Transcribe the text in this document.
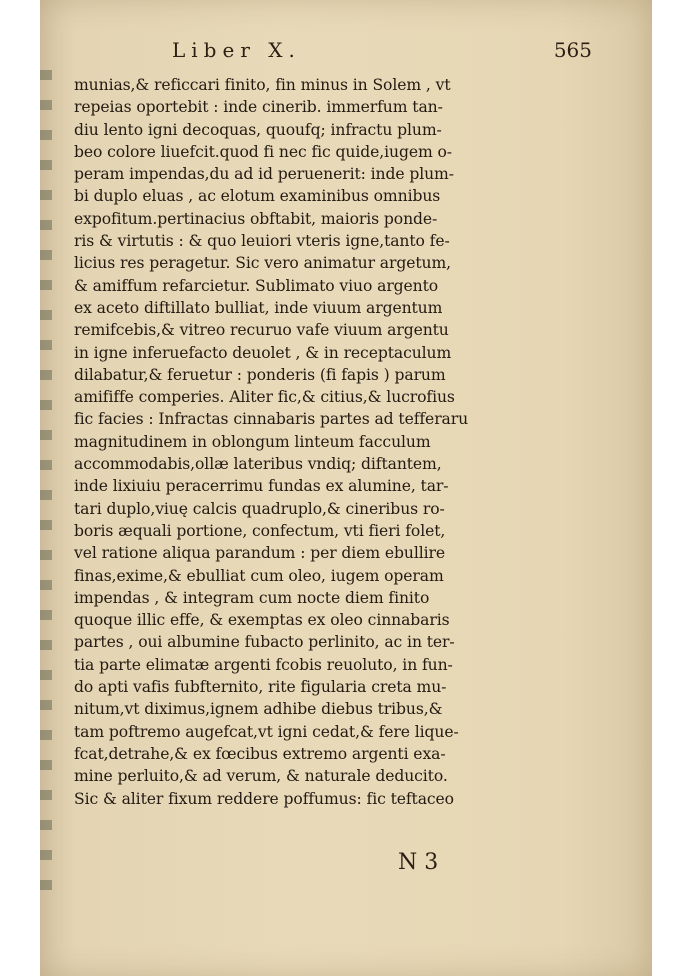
Liber X.	565
munias,& reficcari finito, fin minus in Solem , vt
repeias oportebit : inde cinerib. immerfum tan-
diu lento igni decoquas, quoufq; infractu plum-
beo colore liuefcit.quod fi nec fic quide,iugem o-
peram impendas,du ad id peruenerit: inde plum-
bi duplo eluas , ac elotum examinibus omnibus
expofitum.pertinacius obftabit, maioris ponde-
ris & virtutis : & quo leuiori vteris igne,tanto fe-
licius res peragetur. Sic vero animatur argetum,
& amiffum refarcietur. Sublimato viuo argento
ex aceto diftillato bulliat, inde viuum argentum
remifcebis,& vitreo recuruo vafe viuum argentu
in igne inferuefacto deuolet , & in receptaculum
dilabatur,& feruetur : ponderis (fi fapis ) parum
amififfe comperies. Aliter fic,& citius,& lucrofius
fic facies : Infractas cinnabaris partes ad tefferaru
magnitudinem in oblongum linteum facculum
accommodabis,ollæ lateribus vndiq; diftantem,
inde lixiuiu peracerrimu fundas ex alumine, tar-
tari duplo,viuę calcis quadruplo,& cineribus ro-
boris æquali portione, confectum, vti fieri folet,
vel ratione aliqua parandum : per diem ebullire
finas,exime,& ebulliat cum oleo, iugem operam
impendas , & integram cum nocte diem finito
quoque illic effe, & exemptas ex oleo cinnabaris
partes , oui albumine fubacto perlinito, ac in ter-
tia parte elimatæ argenti fcobis reuoluto, in fun-
do apti vafis fubfternito, rite figularia creta mu-
nitum,vt diximus,ignem adhibe diebus tribus,&
tam poftremo augefcat,vt igni cedat,& fere lique-
fcat,detrahe,& ex fœcibus extremo argenti exa-
mine perluito,& ad verum, & naturale deducito.
Sic & aliter fixum reddere poffumus: fic teftaceo
N 3
